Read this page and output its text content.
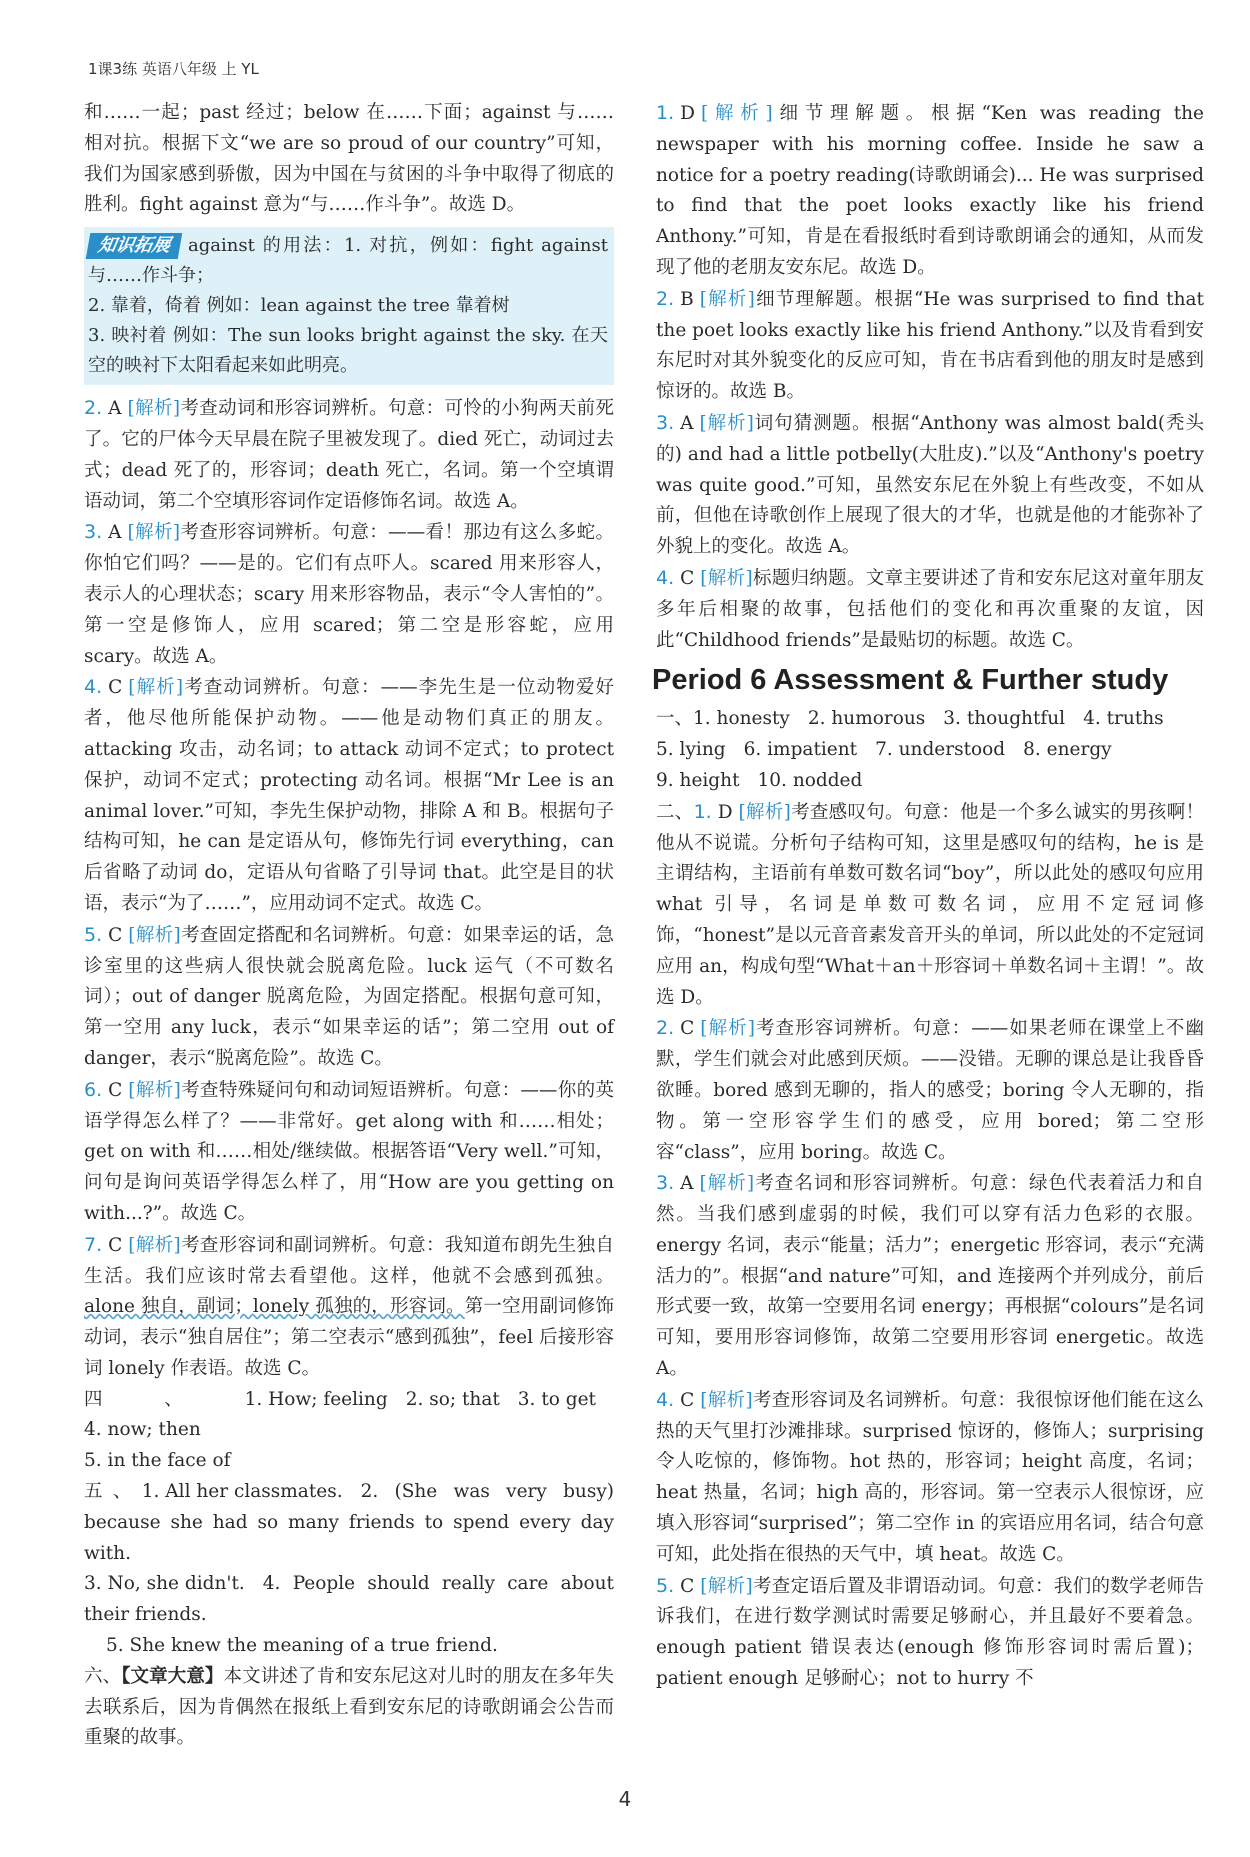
1课3练 英语八年级 上 YL

和……一起；past 经过；below 在……下面；against 与……相对抗。根据下文“we are so proud of our country”可知，我们为国家感到骄傲，因为中国在与贫困的斗争中取得了彻底的胜利。fight against 意为“与……作斗争”。故选 D。

知识拓展 against 的用法：1. 对抗，例如：fight against 与……作斗争；
2. 靠着，倚着 例如：lean against the tree 靠着树
3. 映衬着 例如：The sun looks bright against the sky. 在天空的映衬下太阳看起来如此明亮。
2. A [解析]考查动词和形容词辨析。句意：可怜的小狗两天前死了。它的尸体今天早晨在院子里被发现了。died 死亡，动词过去式；dead 死了的，形容词；death 死亡，名词。第一个空填谓语动词，第二个空填形容词作定语修饰名词。故选 A。
3. A [解析]考查形容词辨析。句意：——看！那边有这么多蛇。你怕它们吗？——是的。它们有点吓人。scared 用来形容人，表示人的心理状态；scary 用来形容物品，表示“令人害怕的”。第一空是修饰人，应用 scared；第二空是形容蛇，应用 scary。故选 A。
4. C [解析]考查动词辨析。句意：——李先生是一位动物爱好者，他尽他所能保护动物。——他是动物们真正的朋友。attacking 攻击，动名词；to attack 动词不定式；to protect 保护，动词不定式；protecting 动名词。根据“Mr Lee is an animal lover.”可知，李先生保护动物，排除 A 和 B。根据句子结构可知，he can 是定语从句，修饰先行词 everything，can 后省略了动词 do，定语从句省略了引导词 that。此空是目的状语，表示“为了……”，应用动词不定式。故选 C。
5. C [解析]考查固定搭配和名词辨析。句意：如果幸运的话，急诊室里的这些病人很快就会脱离危险。luck 运气（不可数名词）；out of danger 脱离危险，为固定搭配。根据句意可知，第一空用 any luck，表示“如果幸运的话”；第二空用 out of danger，表示“脱离危险”。故选 C。
6. C [解析]考查特殊疑问句和动词短语辨析。句意：——你的英语学得怎么样了？——非常好。get along with 和……相处；get on with 和……相处/继续做。根据答语“Very well.”可知，问句是询问英语学得怎么样了，用“How are you getting on with...?”。故选 C。
7. C [解析]考查形容词和副词辨析。句意：我知道布朗先生独自生活。我们应该时常去看望他。这样，他就不会感到孤独。alone 独自，副词；lonely 孤独的，形容词。第一空用副词修饰动词，表示“独自居住”；第二空表示“感到孤独”，feel 后接形容词 lonely 作表语。故选 C。
四、1. How; feeling 2. so; that 3. to get4. now; then
5. in the face of
五、1. All her classmates. 2. (She was very busy) because she had so many friends to spend every day with.
3. No, she didn't. 4. People should really care about their friends.
5. She knew the meaning of a true friend.
六、【文章大意】本文讲述了肯和安东尼这对儿时的朋友在多年失去联系后，因为肯偶然在报纸上看到安东尼的诗歌朗诵会公告而重聚的故事。
1. D [解析]细节理解题。根据“Ken was reading the newspaper with his morning coffee. Inside he saw a notice for a poetry reading(诗歌朗诵会)... He was surprised to find that the poet looks exactly like his friend Anthony.”可知，肯是在看报纸时看到诗歌朗诵会的通知，从而发现了他的老朋友安东尼。故选 D。
2. B [解析]细节理解题。根据“He was surprised to find that the poet looks exactly like his friend Anthony.”以及肯看到安东尼时对其外貌变化的反应可知，肯在书店看到他的朋友时是感到惊讶的。故选 B。
3. A [解析]词句猜测题。根据“Anthony was almost bald(秃头的) and had a little potbelly(大肚皮).”以及“Anthony's poetry was quite good.”可知，虽然安东尼在外貌上有些改变，不如从前，但他在诗歌创作上展现了很大的才华，也就是他的才能弥补了外貌上的变化。故选 A。
4. C [解析]标题归纳题。文章主要讲述了肯和安东尼这对童年朋友多年后相聚的故事，包括他们的变化和再次重聚的友谊，因此“Childhood friends”是最贴切的标题。故选 C。
Period 6 Assessment & Further study
一、1. honesty 2. humorous 3. thoughtful 4. truths
5. lying 6. impatient 7. understood 8. energy
9. height 10. nodded
二、1. D [解析]考查感叹句。句意：他是一个多么诚实的男孩啊！他从不说谎。分析句子结构可知，这里是感叹句的结构，he is 是主谓结构，主语前有单数可数名词“boy”，所以此处的感叹句应用 what 引导，名词是单数可数名词，应用不定冠词修饰，“honest”是以元音音素发音开头的单词，所以此处的不定冠词应用 an，构成句型“What＋an＋形容词＋单数名词＋主谓！”。故选 D。
2. C [解析]考查形容词辨析。句意：——如果老师在课堂上不幽默，学生们就会对此感到厌烦。——没错。无聊的课总是让我昏昏欲睡。bored 感到无聊的，指人的感受；boring 令人无聊的，指物。第一空形容学生们的感受，应用 bored；第二空形容“class”，应用 boring。故选 C。
3. A [解析]考查名词和形容词辨析。句意：绿色代表着活力和自然。当我们感到虚弱的时候，我们可以穿有活力色彩的衣服。energy 名词，表示“能量；活力”；energetic 形容词，表示“充满活力的”。根据“and nature”可知，and 连接两个并列成分，前后形式要一致，故第一空要用名词 energy；再根据“colours”是名词可知，要用形容词修饰，故第二空要用形容词 energetic。故选 A。
4. C [解析]考查形容词及名词辨析。句意：我很惊讶他们能在这么热的天气里打沙滩排球。surprised 惊讶的，修饰人；surprising 令人吃惊的，修饰物。hot 热的，形容词；height 高度，名词；heat 热量，名词；high 高的，形容词。第一空表示人很惊讶，应填入形容词“surprised”；第二空作 in 的宾语应用名词，结合句意可知，此处指在很热的天气中，填 heat。故选 C。
5. C [解析]考查定语后置及非谓语动词。句意：我们的数学老师告诉我们，在进行数学测试时需要足够耐心，并且最好不要着急。enough patient 错误表达(enough 修饰形容词时需后置)；patient enough 足够耐心；not to hurry 不
4
